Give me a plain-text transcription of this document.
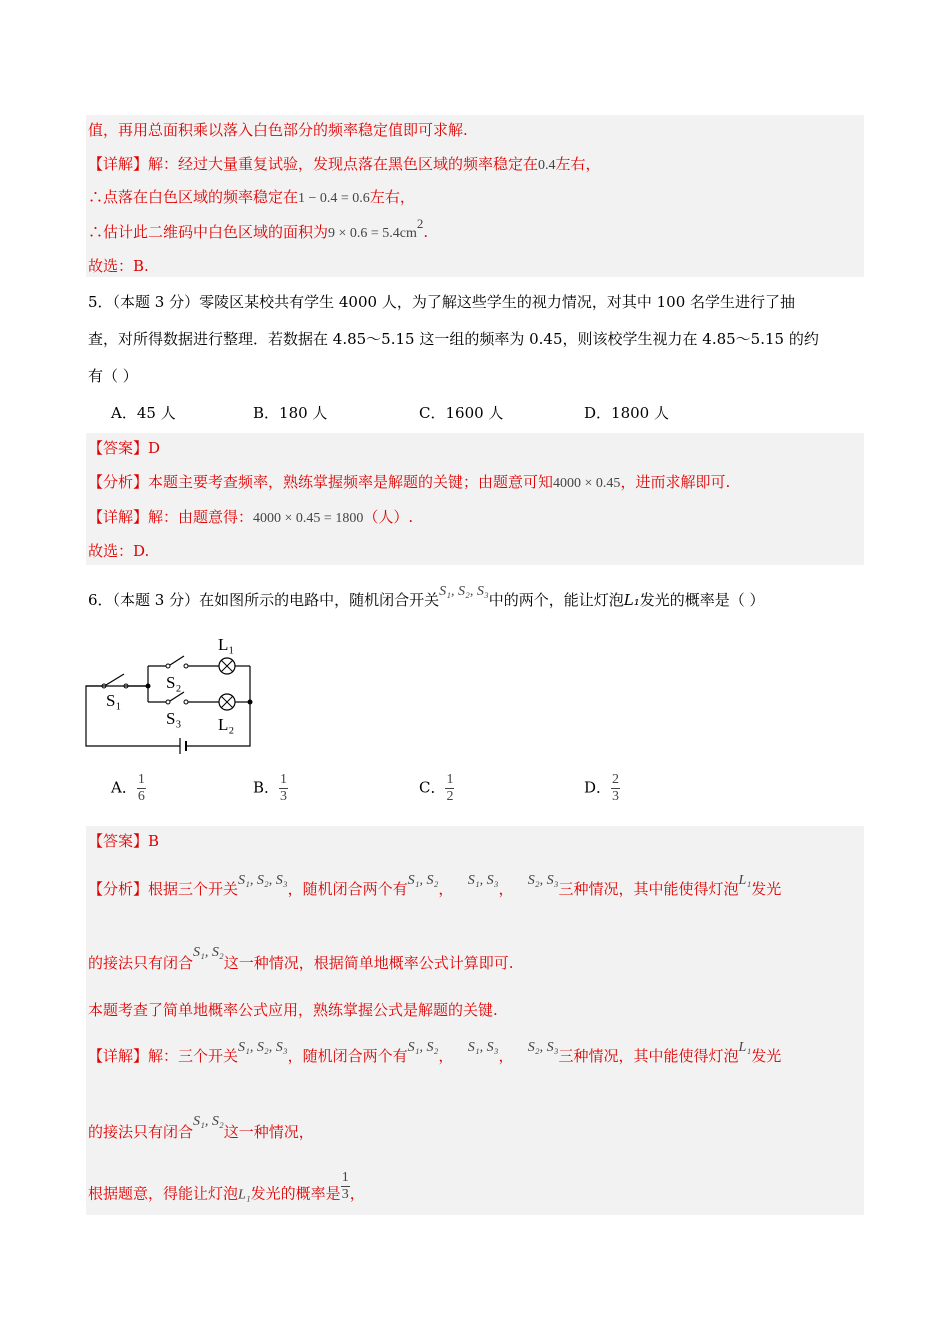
值，再用总面积乘以落入白色部分的频率稳定值即可求解.
【详解】解：经过大量重复试验，发现点落在黑色区域的频率稳定在0.4左右，
∴点落在白色区域的频率稳定在1 − 0.4 = 0.6左右，
∴估计此二维码中白色区域的面积为9 × 0.6 = 5.4cm2.
故选：B.
5．（本题 3 分）零陵区某校共有学生 4000 人，为了解这些学生的视力情况，对其中 100 名学生进行了抽
查，对所得数据进行整理．若数据在 4.85～5.15 这一组的频率为 0.45，则该校学生视力在 4.85～5.15 的约
有（ ）
A．45 人	B．180 人	C．1600 人	D．1800 人
【答案】D
【分析】本题主要考查频率，熟练掌握频率是解题的关键；由题意可知4000 × 0.45，进而求解即可.
【详解】解：由题意得：4000 × 0.45 = 1800（人）.
故选：D.
6．（本题 3 分）在如图所示的电路中，随机闭合开关S₁, S₂, S₃中的两个，能让灯泡L₁发光的概率是（ ）
S₁
L₁
S₂
S₃ L₂
A． $\frac{1}{6}$	B． $\frac{1}{3}$	C． $\frac{1}{2}$	D． $\frac{2}{3}$
【答案】B
【分析】根据三个开关S₁, S₂, S₃，随机闭合两个有S₁, S₂， S₁, S₃， S₂, S₃三种情况，其中能使得灯泡L₁发光
的接法只有闭合S₁, S₂这一种情况，根据简单地概率公式计算即可.
本题考查了简单地概率公式应用，熟练掌握公式是解题的关键.
【详解】解：三个开关S₁, S₂, S₃，随机闭合两个有S₁, S₂， S₁, S₃， S₂, S₃三种情况，其中能使得灯泡L₁发光
的接法只有闭合S₁, S₂这一种情况，
根据题意，得能让灯泡L₁发光的概率是 $\frac{1}{3}$ ，
